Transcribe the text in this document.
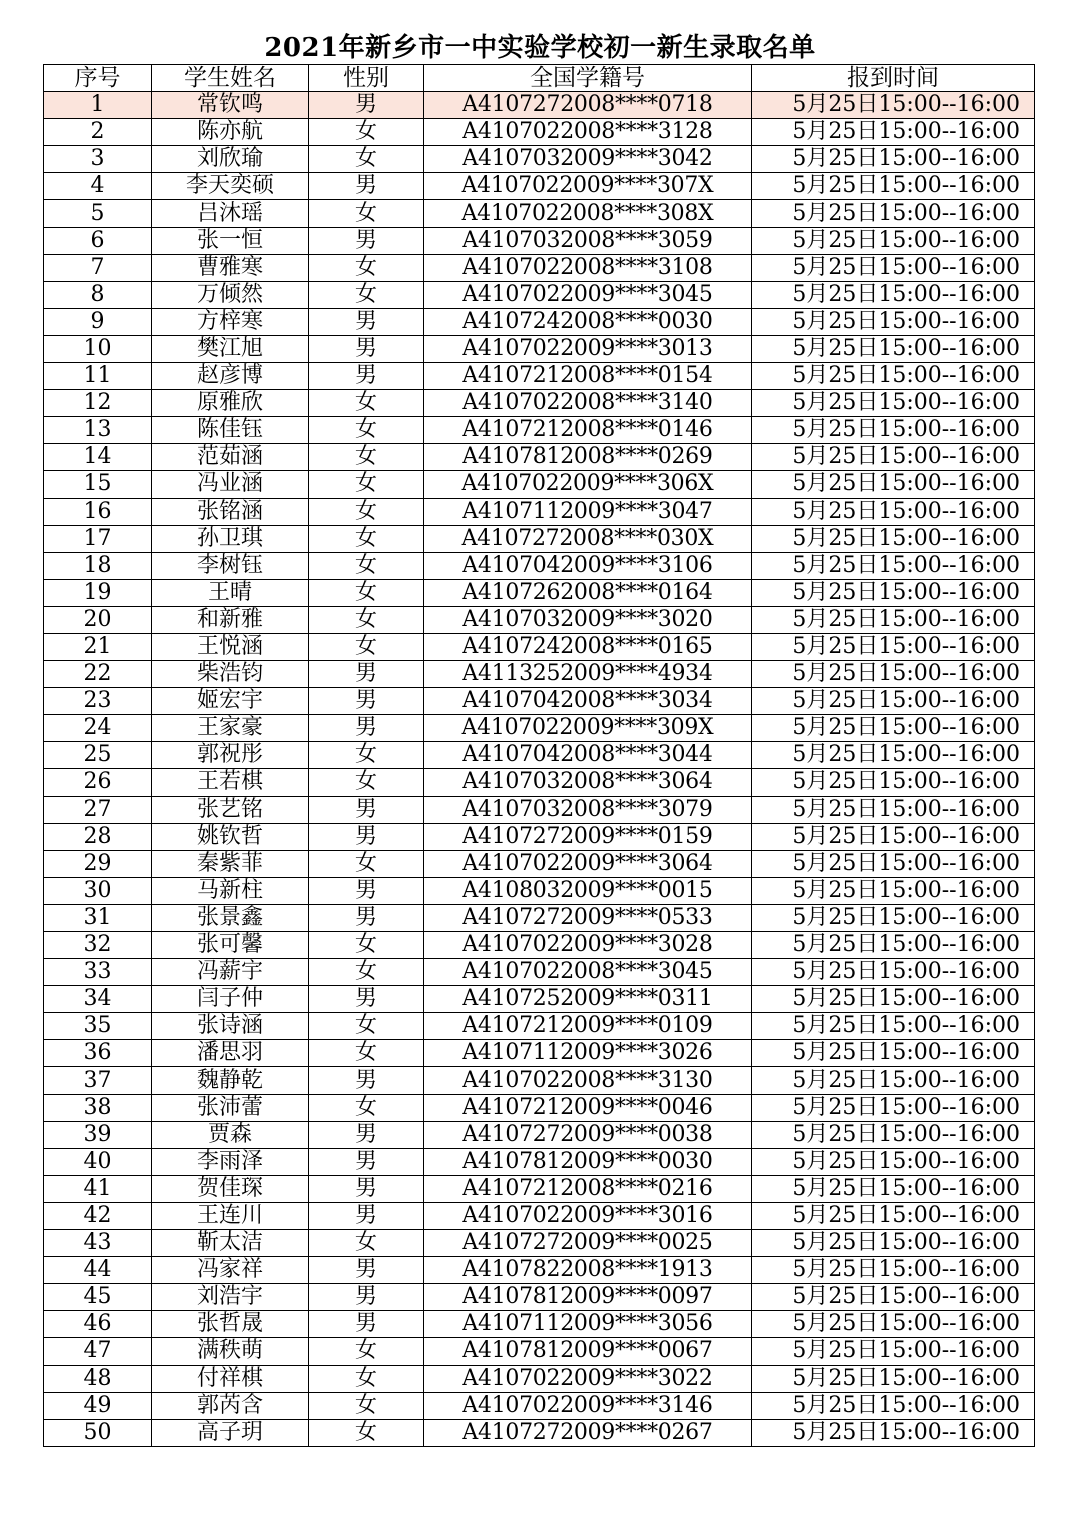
2021年新乡市一中实验学校初一新生录取名单
序号	学生姓名	性别	全国学籍号	报到时间
1	常钦鸣	男	A4107272008****0718	5月25日15:00--16:00
2	陈亦航	女	A4107022008****3128	5月25日15:00--16:00
3	刘欣瑜	女	A4107032009****3042	5月25日15:00--16:00
4	李天奕硕	男	A4107022009****307X	5月25日15:00--16:00
5	吕沐瑶	女	A4107022008****308X	5月25日15:00--16:00
6	张一恒	男	A4107032008****3059	5月25日15:00--16:00
7	曹雅寒	女	A4107022008****3108	5月25日15:00--16:00
8	万倾然	女	A4107022009****3045	5月25日15:00--16:00
9	方梓寒	男	A4107242008****0030	5月25日15:00--16:00
10	樊江旭	男	A4107022009****3013	5月25日15:00--16:00
11	赵彦博	男	A4107212008****0154	5月25日15:00--16:00
12	原雅欣	女	A4107022008****3140	5月25日15:00--16:00
13	陈佳钰	女	A4107212008****0146	5月25日15:00--16:00
14	范茹涵	女	A4107812008****0269	5月25日15:00--16:00
15	冯业涵	女	A4107022009****306X	5月25日15:00--16:00
16	张铭涵	女	A4107112009****3047	5月25日15:00--16:00
17	孙卫琪	女	A4107272008****030X	5月25日15:00--16:00
18	李树钰	女	A4107042009****3106	5月25日15:00--16:00
19	王晴	女	A4107262008****0164	5月25日15:00--16:00
20	和新雅	女	A4107032009****3020	5月25日15:00--16:00
21	王悦涵	女	A4107242008****0165	5月25日15:00--16:00
22	柴浩钧	男	A4113252009****4934	5月25日15:00--16:00
23	姬宏宇	男	A4107042008****3034	5月25日15:00--16:00
24	王家豪	男	A4107022009****309X	5月25日15:00--16:00
25	郭祝彤	女	A4107042008****3044	5月25日15:00--16:00
26	王若棋	女	A4107032008****3064	5月25日15:00--16:00
27	张艺铭	男	A4107032008****3079	5月25日15:00--16:00
28	姚钦哲	男	A4107272009****0159	5月25日15:00--16:00
29	秦紫菲	女	A4107022009****3064	5月25日15:00--16:00
30	马新柱	男	A4108032009****0015	5月25日15:00--16:00
31	张景鑫	男	A4107272009****0533	5月25日15:00--16:00
32	张可馨	女	A4107022009****3028	5月25日15:00--16:00
33	冯薪宇	女	A4107022008****3045	5月25日15:00--16:00
34	闫子仲	男	A4107252009****0311	5月25日15:00--16:00
35	张诗涵	女	A4107212009****0109	5月25日15:00--16:00
36	潘思羽	女	A4107112009****3026	5月25日15:00--16:00
37	魏静乾	男	A4107022008****3130	5月25日15:00--16:00
38	张沛蕾	女	A4107212009****0046	5月25日15:00--16:00
39	贾森	男	A4107272009****0038	5月25日15:00--16:00
40	李雨泽	男	A4107812009****0030	5月25日15:00--16:00
41	贺佳琛	男	A4107212008****0216	5月25日15:00--16:00
42	王连川	男	A4107022009****3016	5月25日15:00--16:00
43	靳太洁	女	A4107272009****0025	5月25日15:00--16:00
44	冯家祥	男	A4107822008****1913	5月25日15:00--16:00
45	刘浩宇	男	A4107812009****0097	5月25日15:00--16:00
46	张哲晟	男	A4107112009****3056	5月25日15:00--16:00
47	满秩萌	女	A4107812009****0067	5月25日15:00--16:00
48	付祥棋	女	A4107022009****3022	5月25日15:00--16:00
49	郭芮含	女	A4107022009****3146	5月25日15:00--16:00
50	高子玥	女	A4107272009****0267	5月25日15:00--16:00
